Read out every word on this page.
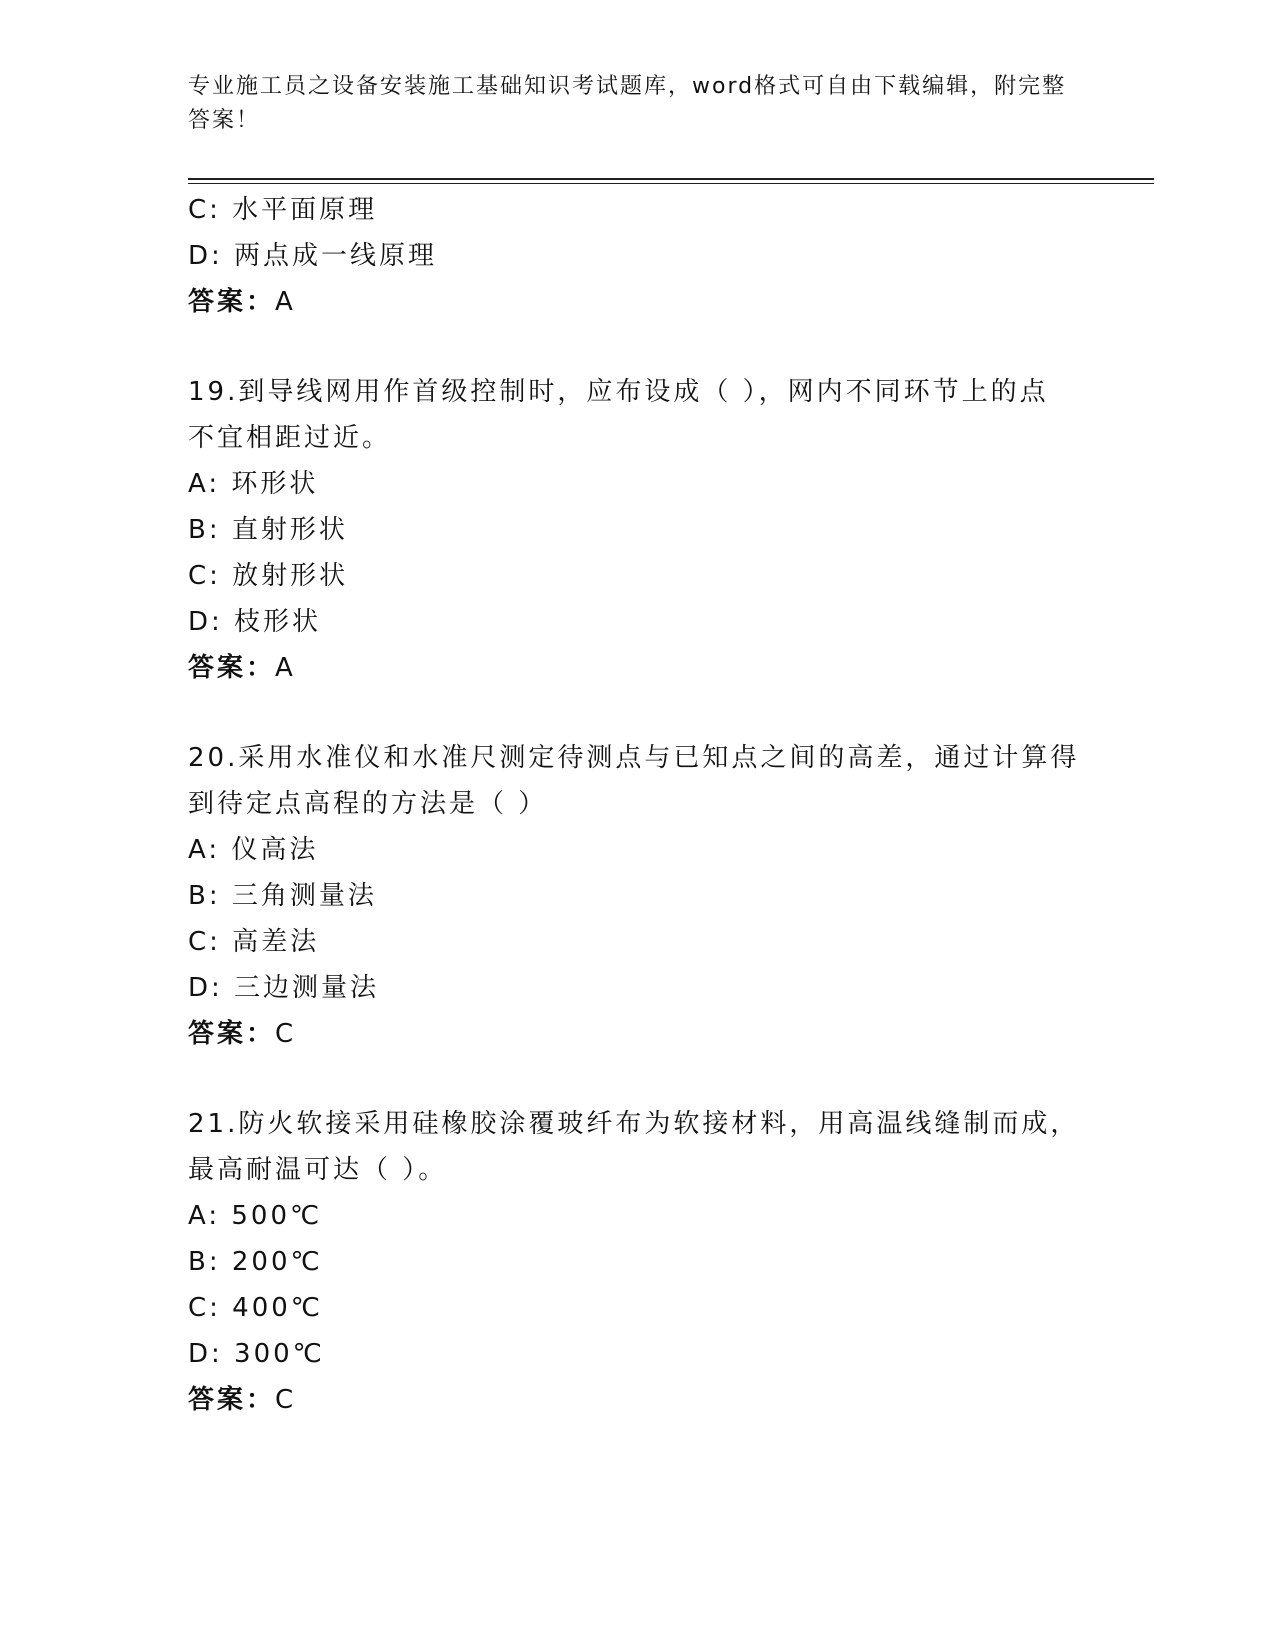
专业施工员之设备安装施工基础知识考试题库，word格式可自由下载编辑，附完整答案！
C: 水平面原理
D: 两点成一线原理
答案：A
19.到导线网用作首级控制时，应布设成（ ），网内不同环节上的点
不宜相距过近。
A: 环形状
B: 直射形状
C: 放射形状
D: 枝形状
答案：A
20.采用水准仪和水准尺测定待测点与已知点之间的高差，通过计算得
到待定点高程的方法是（ ）
A: 仪高法
B: 三角测量法
C: 高差法
D: 三边测量法
答案：C
21.防火软接采用硅橡胶涂覆玻纤布为软接材料，用高温线缝制而成，
最高耐温可达（ ）。
A: 500℃
B: 200℃
C: 400℃
D: 300℃
答案：C
